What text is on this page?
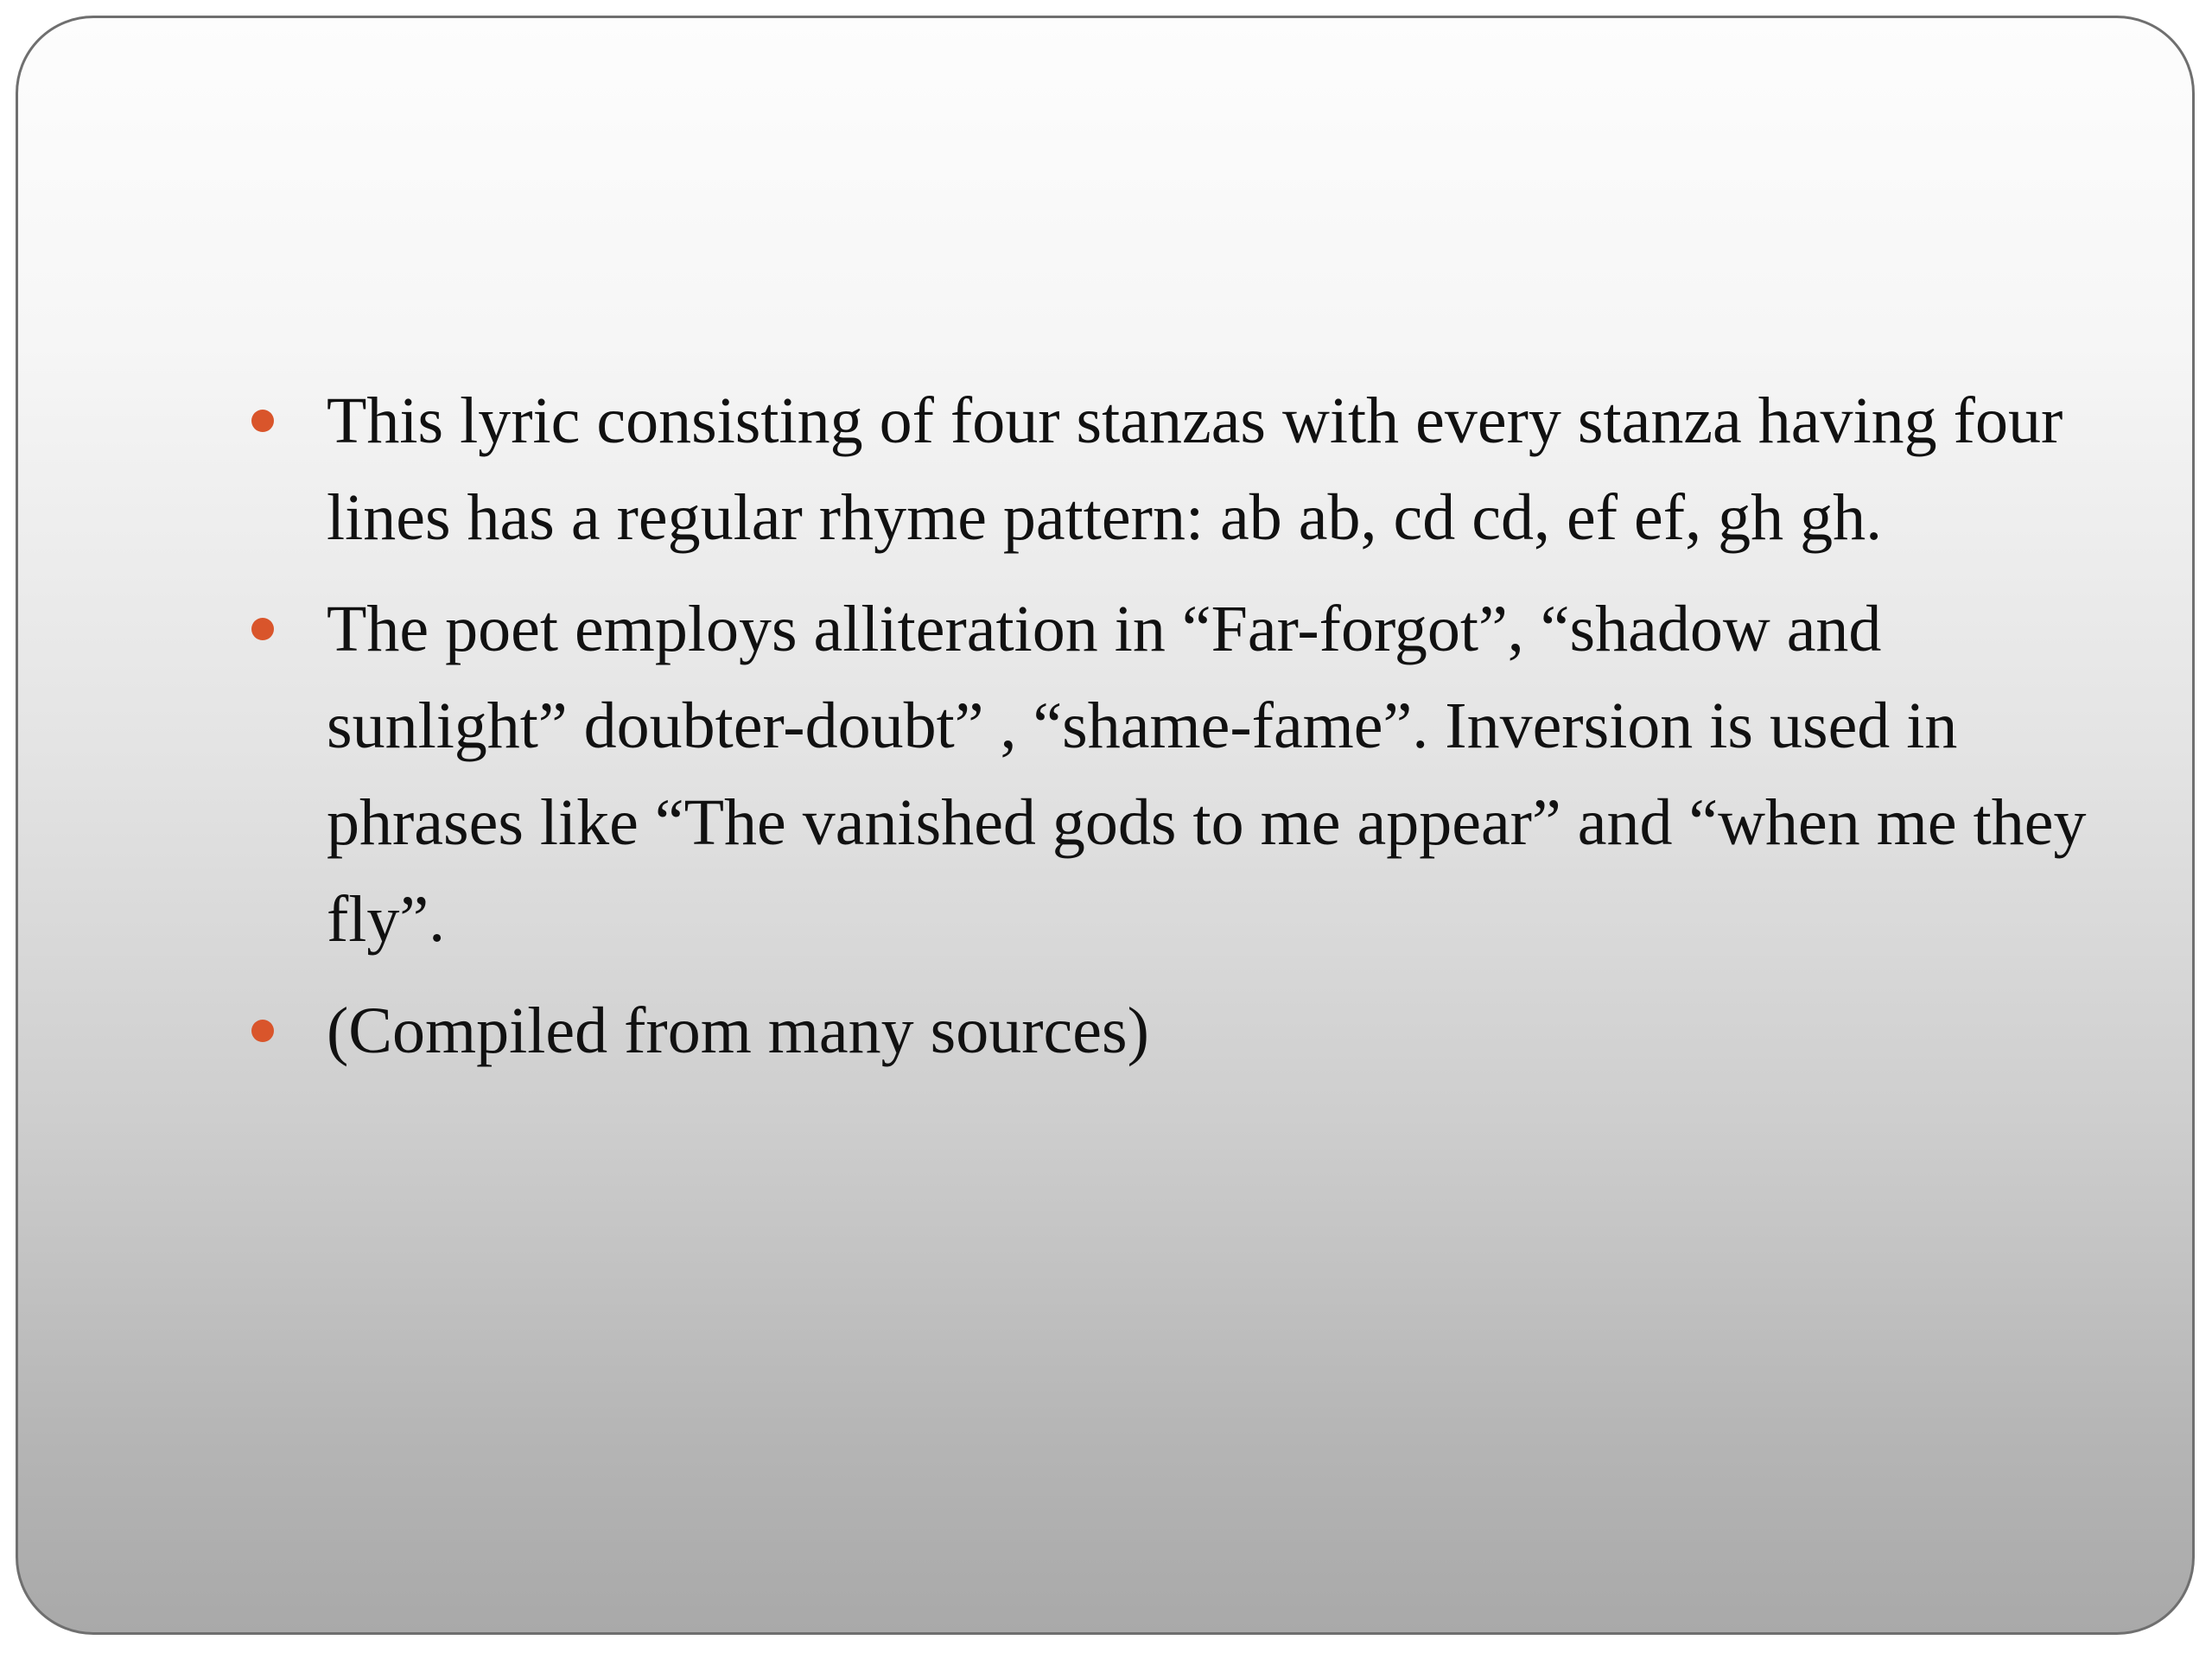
This lyric consisting of four stanzas with every stanza having four lines has a regular rhyme pattern: ab ab, cd cd, ef ef, gh gh.
The poet employs alliteration in “Far-forgot”, “shadow and sunlight” doubter-doubt” , “shame-fame”. Inversion is used in phrases like “The vanished gods to me appear” and “when me they fly”.
(Compiled from many sources)
